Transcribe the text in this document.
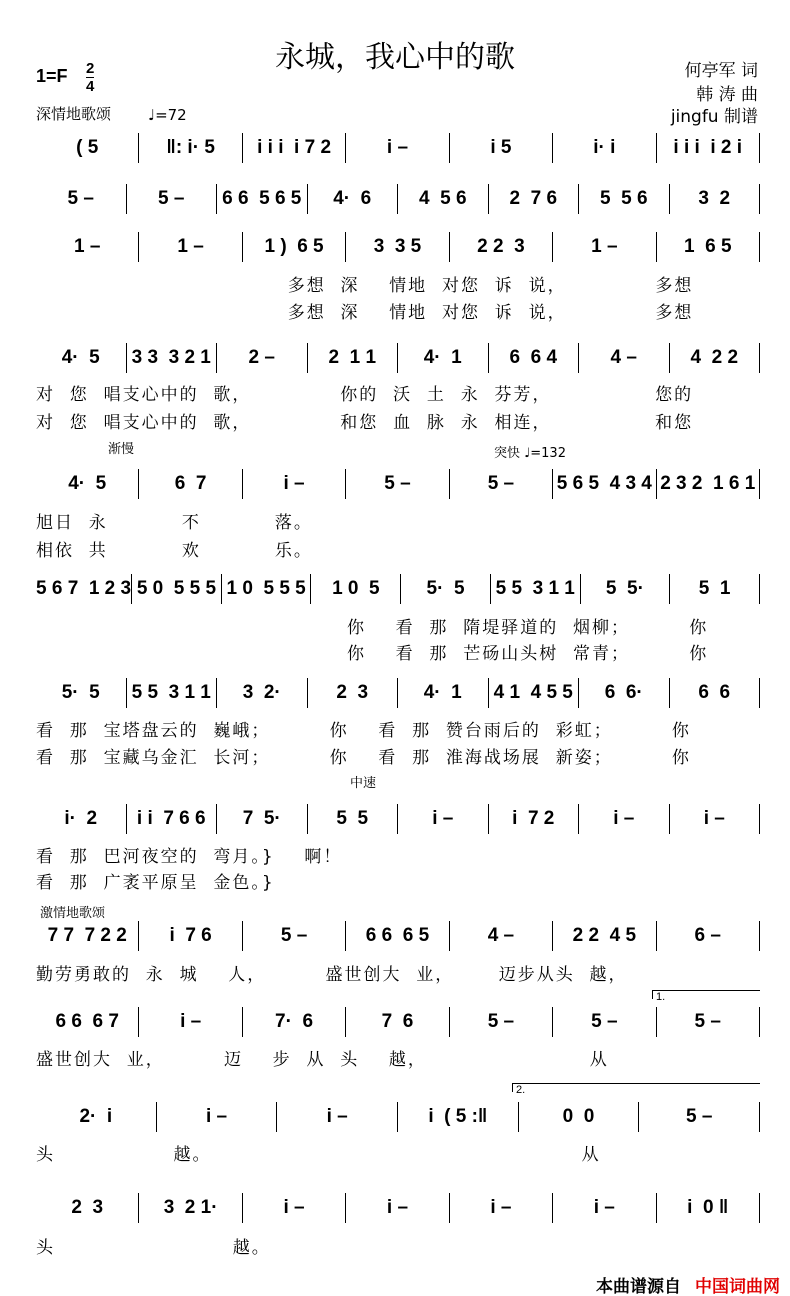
永城，我心中的歌	何亭军 词
韩 涛 曲
jingfu 制谱
1=F 2
4
深情地歌颂 ♩=72
渐慢	突快 ♩=132
中速
激情地歌颂
1.
2.
( 5	‖: i· 5	i i i  i 7 2	i –	i 5	i· i	i i i  i 2 i
5 –	5 –	6 6  5 6 5	4·  6	4  5 6	2  7 6	5  5 6	3  2
1 –	1 –	1 )  6 5	3  3 5	2 2  3	1 –	1  6 5
多想  深    情地  对您  诉  说，            多想
多想  深    情地  对您  诉  说，            多想
4·  5	3 3  3 2 1	2 –	2  1 1	4·  1	6  6 4	4 –	4  2 2
对  您  唱支心中的  歌，            你的  沃  土  永  芬芳，              您的
对  您  唱支心中的  歌，            和您  血  脉  永  相连，              和您
4·  5	6  7	i –	5 –	5 –	5 6 5  4 3 4 2 3 2  1 6 1
旭日  永          不          落。
相依  共          欢          乐。
5 6 7  1 2 3 5 0  5 5 5 1 0  5 5 5	1 0  5	5·  5	5 5  3 1 1	5  5·	5  1
你    看  那  隋堤驿道的  烟柳；        你
你    看  那  芒砀山头树  常青；        你
5·  5	5 5  3 1 1	3  2·	2  3	4·  1	4 1  4 5 5	6  6·	6  6
看  那  宝塔盘云的  巍峨；        你    看  那  赞台雨后的  彩虹；        你
看  那  宝藏乌金汇  长河；        你    看  那  淮海战场展  新姿；        你
i·  2	i i  7 6 6	7  5·	5  5	i –	i  7 2	i –	i –
看  那  巴河夜空的  弯月。}    啊！
看  那  广袤平原呈  金色。}
7 7  7 2 2	i  7 6	5 –	6 6  6 5	4 –	2 2  4 5	6 –
勤劳勇敢的  永  城    人，        盛世创大  业，      迈步从头  越，
6 6  6 7	i –	7·  6	7  6	5 –	5 –	5 –
盛世创大  业，        迈    步  从  头    越，                      从
2·  i	i –	i –	i  ( 5 :‖	0  0	5 –
头                越。                                                  从
2  3	3  2 1·	i –	i –	i –	i –	i  0 ‖
头                        越。
本曲谱源自 中国词曲网
